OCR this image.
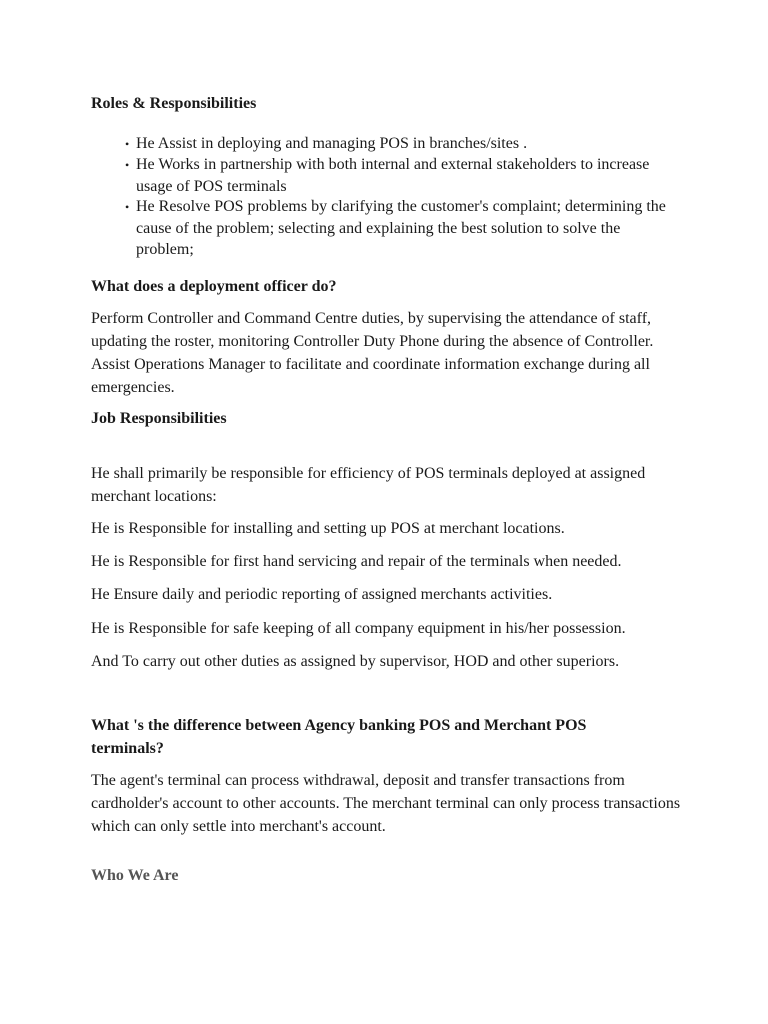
Roles & Responsibilities

• He Assist in deploying and managing POS in branches/sites .
• He Works in partnership with both internal and external stakeholders to increase usage of POS terminals
• He Resolve POS problems by clarifying the customer's complaint; determining the cause of the problem; selecting and explaining the best solution to solve the problem;

What does a deployment officer do?

Perform Controller and Command Centre duties, by supervising the attendance of staff, updating the roster, monitoring Controller Duty Phone during the absence of Controller. Assist Operations Manager to facilitate and coordinate information exchange during all emergencies.

Job Responsibilities

He shall primarily be responsible for efficiency of POS terminals deployed at assigned merchant locations:

He is Responsible for installing and setting up POS at merchant locations.

He is Responsible for first hand servicing and repair of the terminals when needed.

He Ensure daily and periodic reporting of assigned merchants activities.

He is Responsible for safe keeping of all company equipment in his/her possession.

And To carry out other duties as assigned by supervisor, HOD and other superiors.

What 's the difference between Agency banking POS and Merchant POS terminals?

The agent's terminal can process withdrawal, deposit and transfer transactions from cardholder's account to other accounts. The merchant terminal can only process transactions which can only settle into merchant's account.

Who We Are
